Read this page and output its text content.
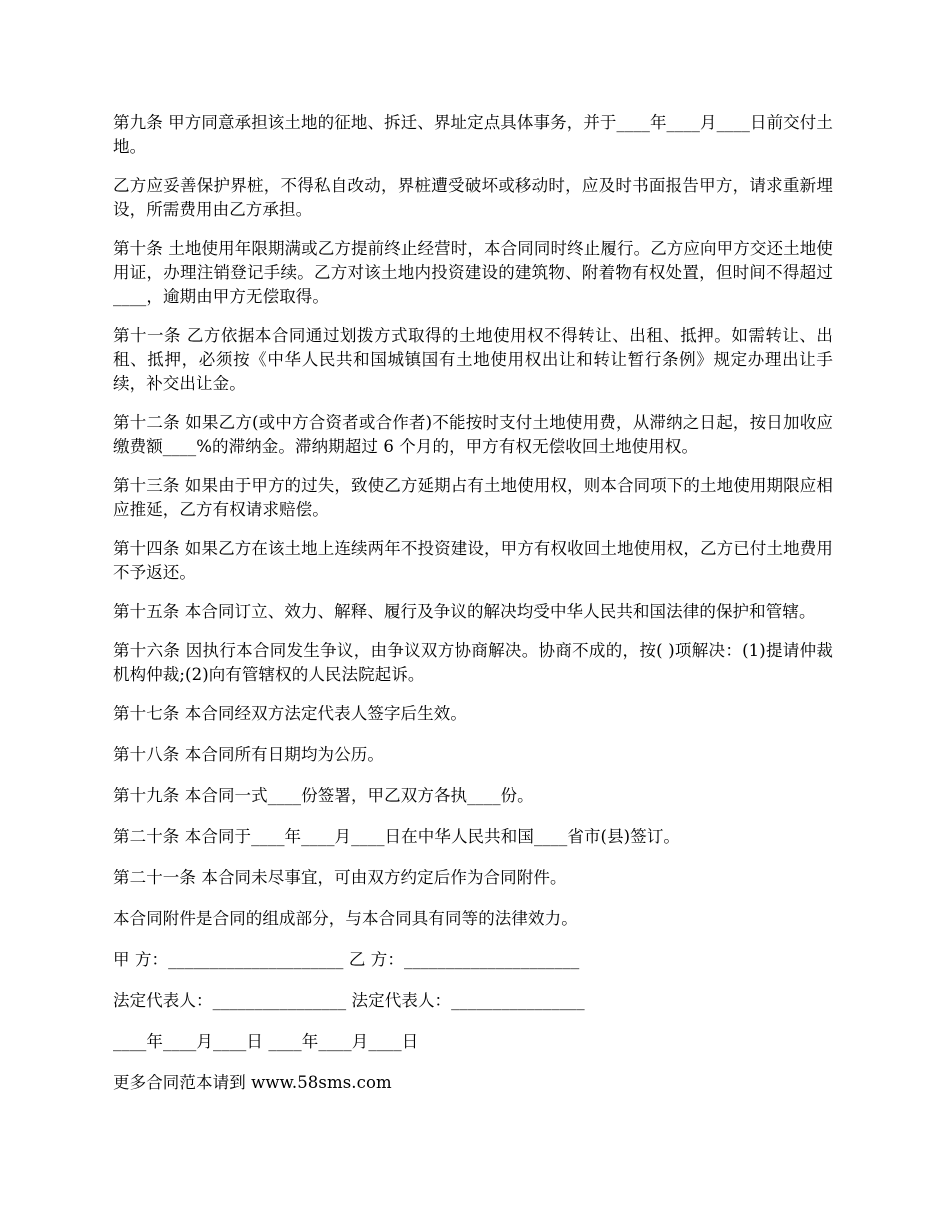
第九条 甲方同意承担该土地的征地、拆迁、界址定点具体事务，并于____年____月____日前交付土地。

乙方应妥善保护界桩，不得私自改动，界桩遭受破坏或移动时，应及时书面报告甲方，请求重新埋设，所需费用由乙方承担。

第十条 土地使用年限期满或乙方提前终止经营时，本合同同时终止履行。乙方应向甲方交还土地使用证，办理注销登记手续。乙方对该土地内投资建设的建筑物、附着物有权处置，但时间不得超过____，逾期由甲方无偿取得。

第十一条 乙方依据本合同通过划拨方式取得的土地使用权不得转让、出租、抵押。如需转让、出租、抵押，必须按《中华人民共和国城镇国有土地使用权出让和转让暂行条例》规定办理出让手续，补交出让金。

第十二条 如果乙方(或中方合资者或合作者)不能按时支付土地使用费，从滞纳之日起，按日加收应缴费额____%的滞纳金。滞纳期超过 6 个月的，甲方有权无偿收回土地使用权。

第十三条 如果由于甲方的过失，致使乙方延期占有土地使用权，则本合同项下的土地使用期限应相应推延，乙方有权请求赔偿。

第十四条 如果乙方在该土地上连续两年不投资建设，甲方有权收回土地使用权，乙方已付土地费用不予返还。

第十五条 本合同订立、效力、解释、履行及争议的解决均受中华人民共和国法律的保护和管辖。

第十六条 因执行本合同发生争议，由争议双方协商解决。协商不成的，按( )项解决：(1)提请仲裁机构仲裁;(2)向有管辖权的人民法院起诉。

第十七条 本合同经双方法定代表人签字后生效。

第十八条 本合同所有日期均为公历。

第十九条 本合同一式____份签署，甲乙双方各执____份。

第二十条 本合同于____年____月____日在中华人民共和国____省市(县)签订。

第二十一条 本合同未尽事宜，可由双方约定后作为合同附件。

本合同附件是合同的组成部分，与本合同具有同等的法律效力。

甲 方：_____________________ 乙 方：_____________________

法定代表人：________________ 法定代表人：________________

____年____月____日 ____年____月____日

更多合同范本请到 www.58sms.com
